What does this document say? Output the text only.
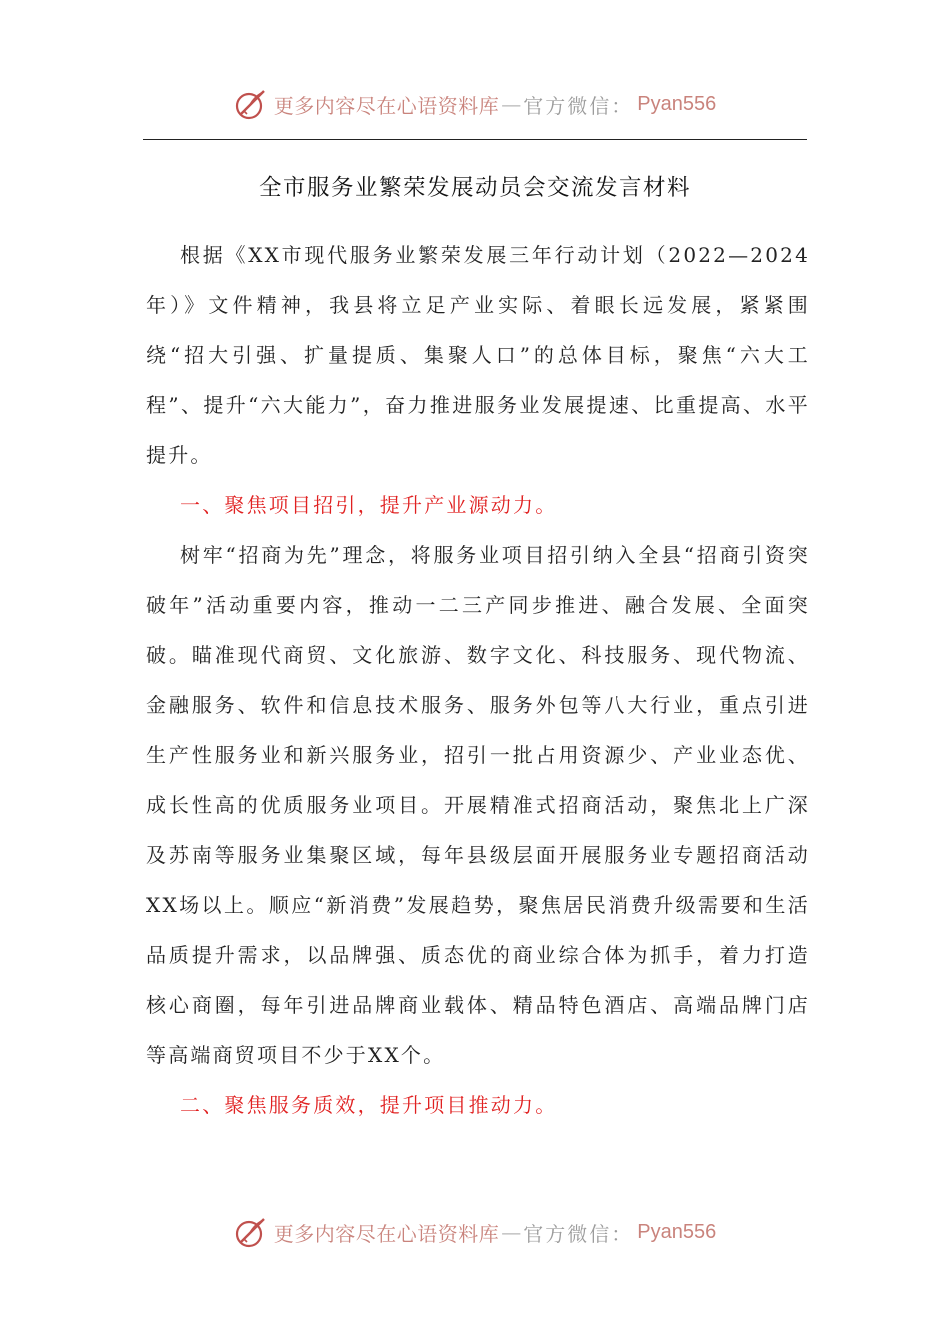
更多内容尽在心语资料库 — 官方微信： Pyan556
全市服务业繁荣发展动员会交流发言材料

根据《XX市现代服务业繁荣发展三年行动计划（2022—2024年）》文件精神，我县将立足产业实际、着眼长远发展，紧紧围绕“招大引强、扩量提质、集聚人口”的总体目标，聚焦“六大工程”、提升“六大能力”，奋力推进服务业发展提速、比重提高、水平提升。

一、聚焦项目招引，提升产业源动力。

树牢“招商为先”理念，将服务业项目招引纳入全县“招商引资突破年”活动重要内容，推动一二三产同步推进、融合发展、全面突破。瞄准现代商贸、文化旅游、数字文化、科技服务、现代物流、金融服务、软件和信息技术服务、服务外包等八大行业，重点引进生产性服务业和新兴服务业，招引一批占用资源少、产业业态优、成长性高的优质服务业项目。开展精准式招商活动，聚焦北上广深及苏南等服务业集聚区域，每年县级层面开展服务业专题招商活动XX场以上。顺应“新消费”发展趋势，聚焦居民消费升级需要和生活品质提升需求，以品牌强、质态优的商业综合体为抓手，着力打造核心商圈，每年引进品牌商业载体、精品特色酒店、高端品牌门店等高端商贸项目不少于XX个。

二、聚焦服务质效，提升项目推动力。

更多内容尽在心语资料库 — 官方微信： Pyan556
